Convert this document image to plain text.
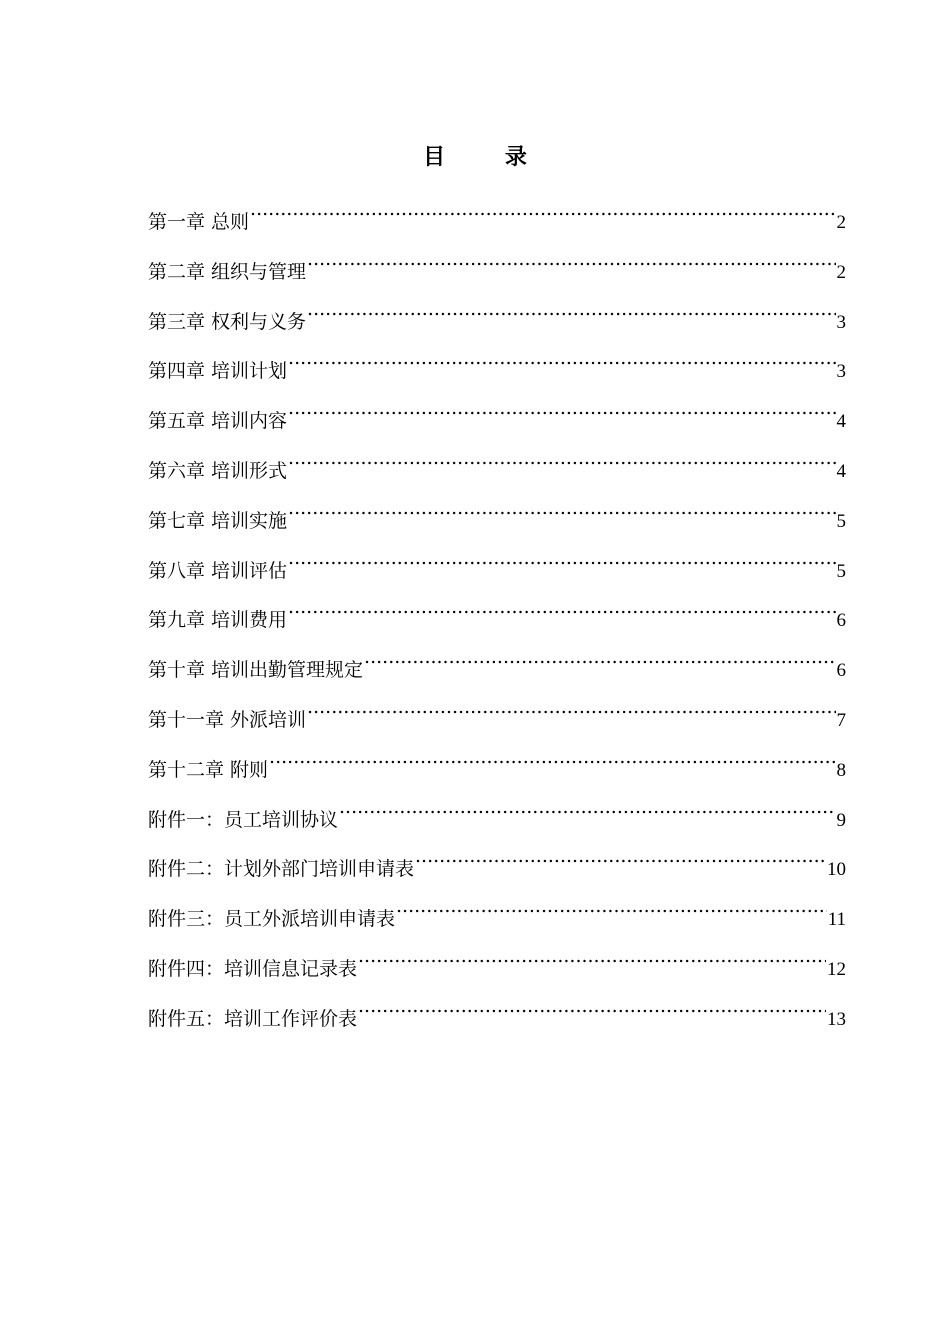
目 录
第一章 总则 .....	2
第二章 组织与管理 .....	2
第三章 权利与义务 .....	3
第四章 培训计划 .....	3
第五章 培训内容 .....	4
第六章 培训形式 .....	4
第七章 培训实施 .....	5
第八章 培训评估 .....	5
第九章 培训费用 .....	6
第十章 培训出勤管理规定 .....	6
第十一章 外派培训 .....	7
第十二章 附则 .....	8
附件一：员工培训协议 .....	9
附件二：计划外部门培训申请表 .....	10
附件三：员工外派培训申请表 .....	11
附件四：培训信息记录表 .....	12
附件五：培训工作评价表 .....	13
